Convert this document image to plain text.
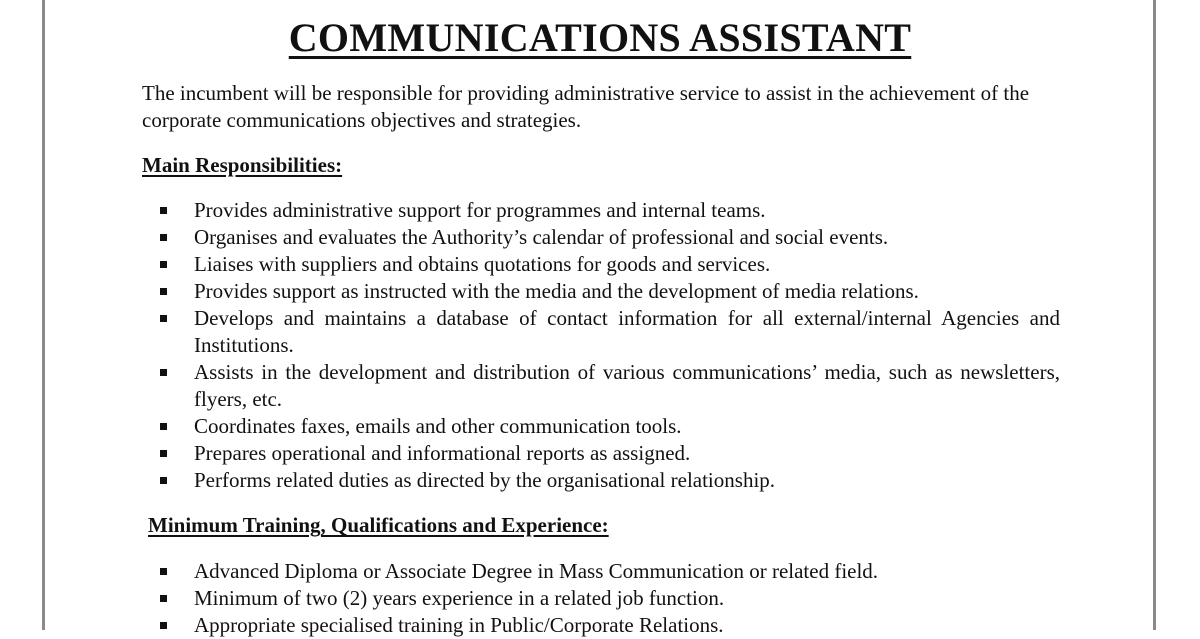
COMMUNICATIONS ASSISTANT

The incumbent will be responsible for providing administrative service to assist in the achievement of the corporate communications objectives and strategies.

Main Responsibilities:
Provides administrative support for programmes and internal teams.
Organises and evaluates the Authority’s calendar of professional and social events.
Liaises with suppliers and obtains quotations for goods and services.
Provides support as instructed with the media and the development of media relations.
Develops and maintains a database of contact information for all external/internal Agencies and Institutions.
Assists in the development and distribution of various communications’ media, such as newsletters, flyers, etc.
Coordinates faxes, emails and other communication tools.
Prepares operational and informational reports as assigned.
Performs related duties as directed by the organisational relationship.
Minimum Training, Qualifications and Experience:
Advanced Diploma or Associate Degree in Mass Communication or related field.
Minimum of two (2) years experience in a related job function.
Appropriate specialised training in Public/Corporate Relations.
